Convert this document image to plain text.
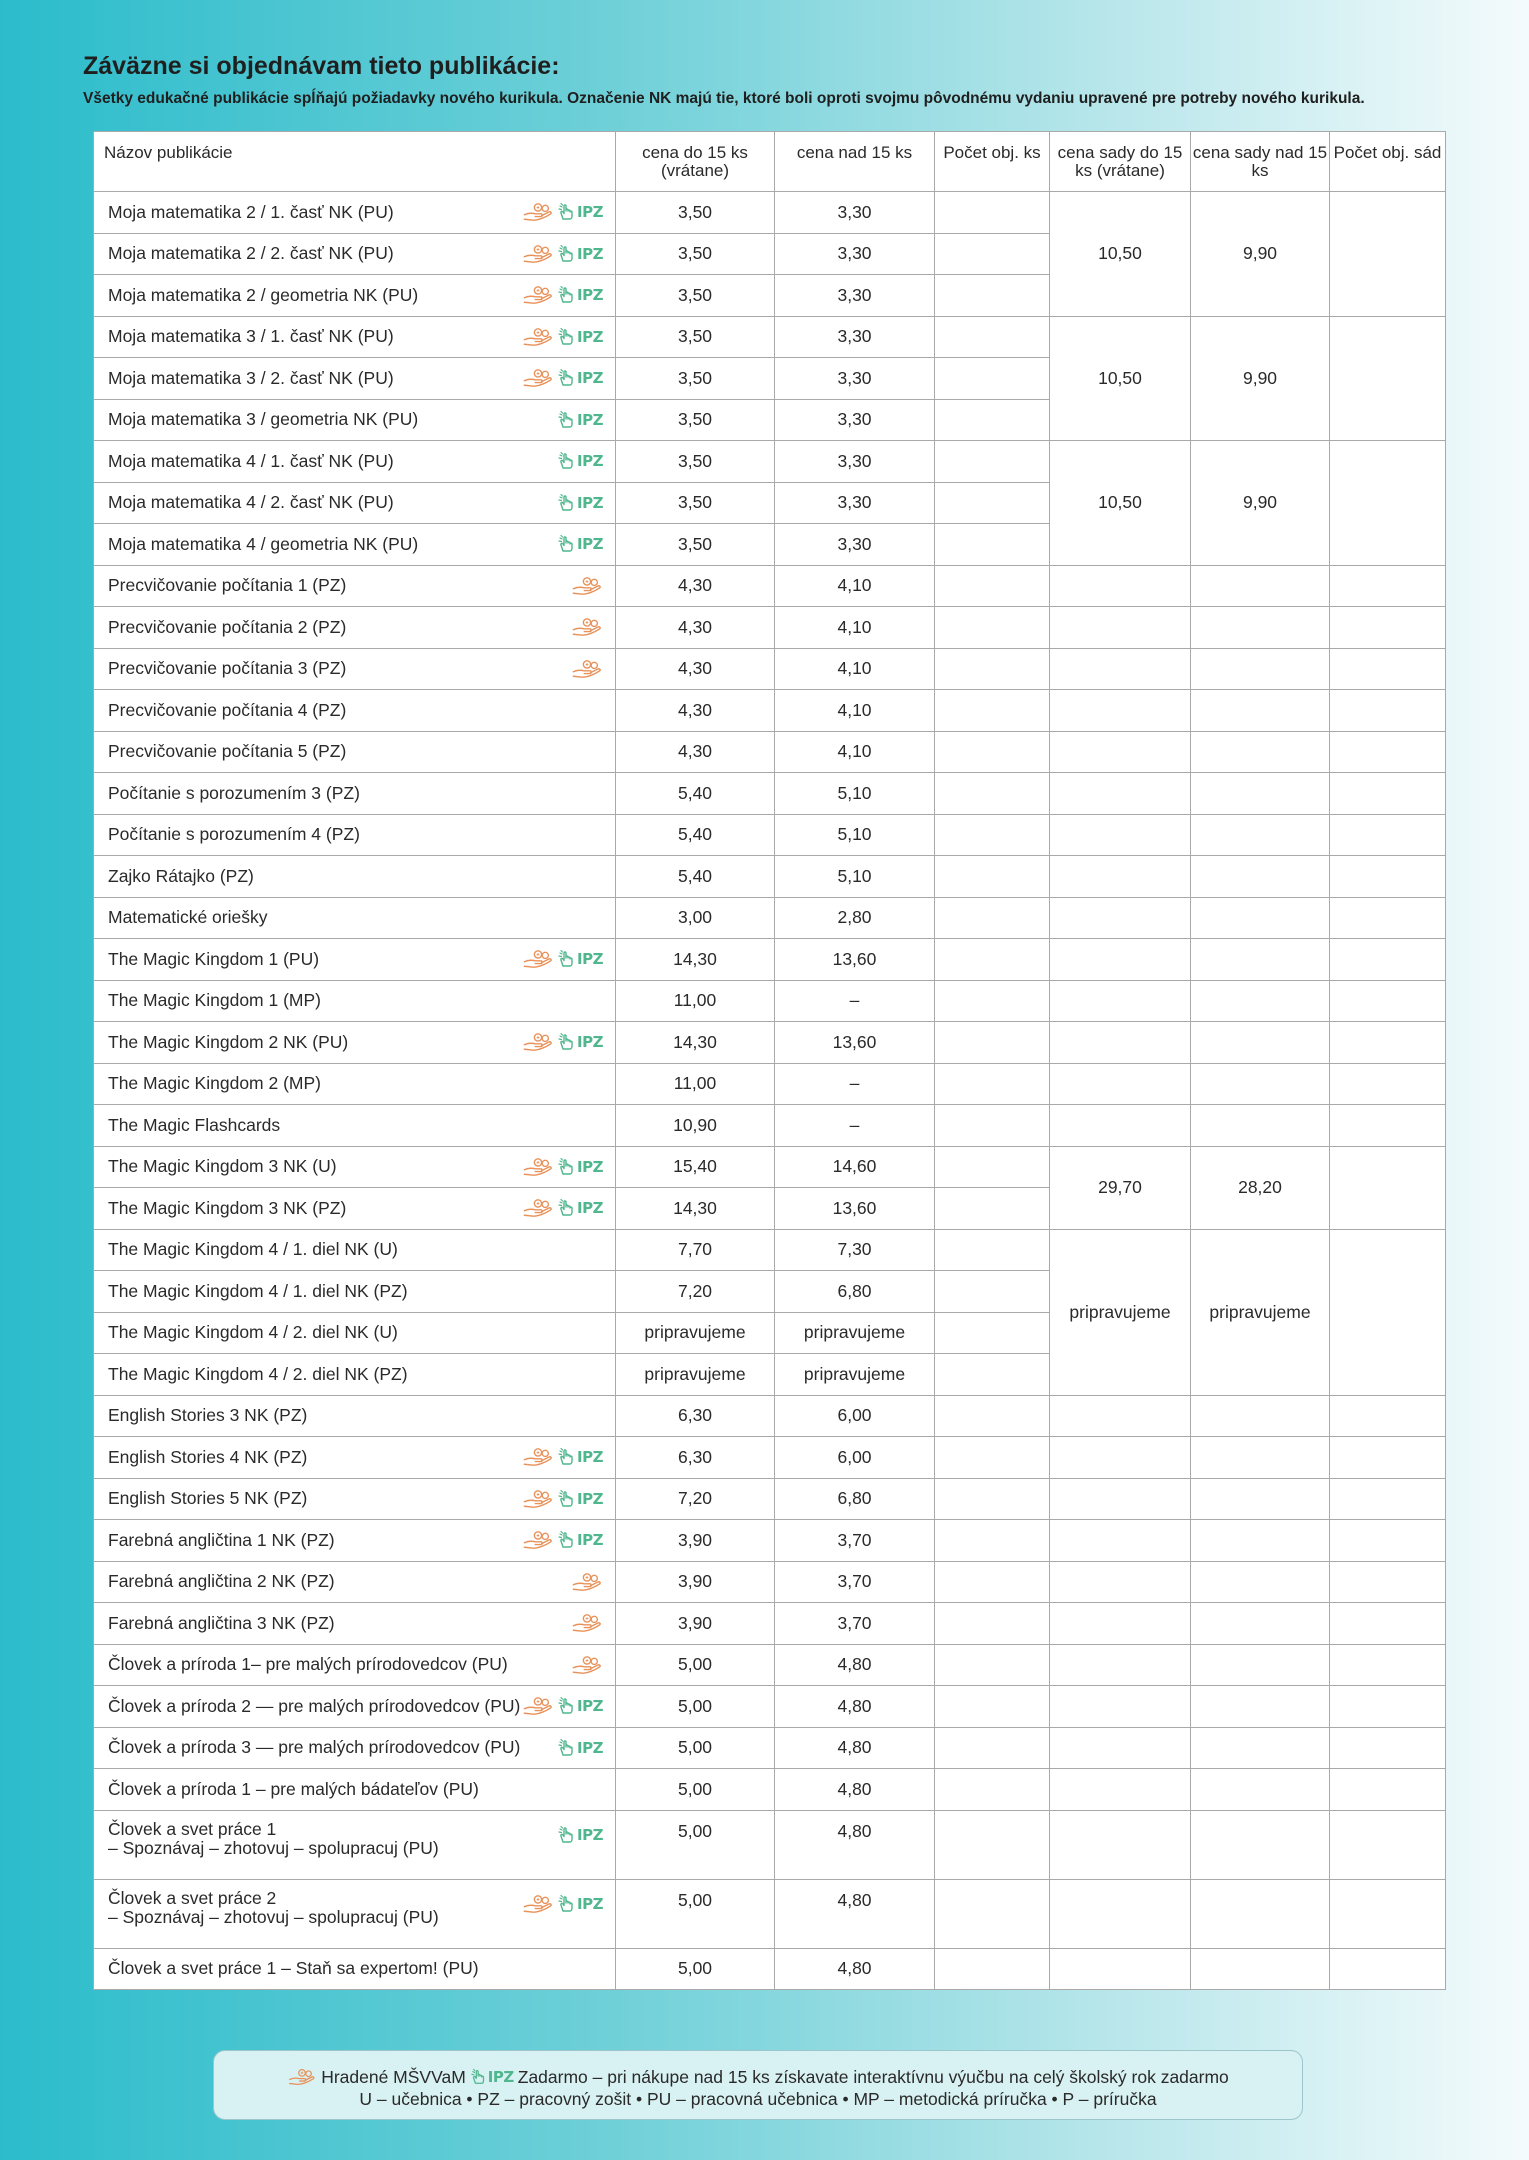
Záväzne si objednávam tieto publikácie:
Všetky edukačné publikácie spĺňajú požiadavky nového kurikula. Označenie NK majú tie, ktoré boli oproti svojmu pôvodnému vydaniu upravené pre potreby nového kurikula.
Názov publikácie	cena do 15 ks (vrátane)	cena nad 15 ks	Počet obj. ks	cena sady do 15 ks (vrátane)	cena sady nad 15 ks	Počet obj. sád
Moja matematika 2 / 1. časť NK (PU) IPZ	3,50	3,30		10,50	9,90	
Moja matematika 2 / 2. časť NK (PU) IPZ	3,50	3,30				
Moja matematika 2 / geometria NK (PU) IPZ	3,50	3,30				
Moja matematika 3 / 1. časť NK (PU) IPZ	3,50	3,30		10,50	9,90	
Moja matematika 3 / 2. časť NK (PU) IPZ	3,50	3,30				
Moja matematika 3 / geometria NK (PU) IPZ	3,50	3,30				
Moja matematika 4 / 1. časť NK (PU) IPZ	3,50	3,30		10,50	9,90	
Moja matematika 4 / 2. časť NK (PU) IPZ	3,50	3,30				
Moja matematika 4 / geometria NK (PU) IPZ	3,50	3,30				
Precvičovanie počítania 1 (PZ)	4,30	4,10				
Precvičovanie počítania 2 (PZ)	4,30	4,10				
Precvičovanie počítania 3 (PZ)	4,30	4,10				
Precvičovanie počítania 4 (PZ)	4,30	4,10				
Precvičovanie počítania 5 (PZ)	4,30	4,10				
Počítanie s porozumením 3 (PZ)	5,40	5,10				
Počítanie s porozumením 4 (PZ)	5,40	5,10				
Zajko Rátajko (PZ)	5,40	5,10				
Matematické oriešky	3,00	2,80				
The Magic Kingdom 1 (PU) IPZ	14,30	13,60				
The Magic Kingdom 1 (MP)	11,00	–				
The Magic Kingdom 2 NK (PU) IPZ	14,30	13,60				
The Magic Kingdom 2 (MP)	11,00	–				
The Magic Flashcards	10,90	–				
The Magic Kingdom 3 NK (U) IPZ	15,40	14,60		29,70	28,20	
The Magic Kingdom 3 NK (PZ) IPZ	14,30	13,60				
The Magic Kingdom 4 / 1. diel NK (U)	7,70	7,30		pripravujeme	pripravujeme	
The Magic Kingdom 4 / 1. diel NK (PZ)	7,20	6,80				
The Magic Kingdom 4 / 2. diel NK (U)	pripravujeme	pripravujeme				
The Magic Kingdom 4 / 2. diel NK (PZ)	pripravujeme	pripravujeme				
English Stories 3 NK (PZ)	6,30	6,00				
English Stories 4 NK (PZ) IPZ	6,30	6,00				
English Stories 5 NK (PZ) IPZ	7,20	6,80				
Farebná angličtina 1 NK (PZ) IPZ	3,90	3,70				
Farebná angličtina 2 NK (PZ)	3,90	3,70				
Farebná angličtina 3 NK (PZ)	3,90	3,70				
Človek a príroda 1– pre malých prírodovedcov (PU)	5,00	4,80				
Človek a príroda 2 — pre malých prírodovedcov (PU) IPZ	5,00	4,80				
Človek a príroda 3 — pre malých prírodovedcov (PU) IPZ	5,00	4,80				
Človek a príroda 1 – pre malých bádateľov (PU)	5,00	4,80				
Človek a svet práce 1
– Spoznávaj – zhotovuj – spolupracuj (PU)
IPZ	5,00	4,80				
Človek a svet práce 2
– Spoznávaj – zhotovuj – spolupracuj (PU)
IPZ	5,00	4,80				
Človek a svet práce 1 – Staň sa expertom! (PU)	5,00	4,80				
Hradené MŠVVaM IPZ Zadarmo – pri nákupe nad 15 ks získavate interaktívnu výučbu na celý školský rok zadarmo
U – učebnica • PZ – pracovný zošit • PU – pracovná učebnica • MP – metodická príručka • P – príručka
